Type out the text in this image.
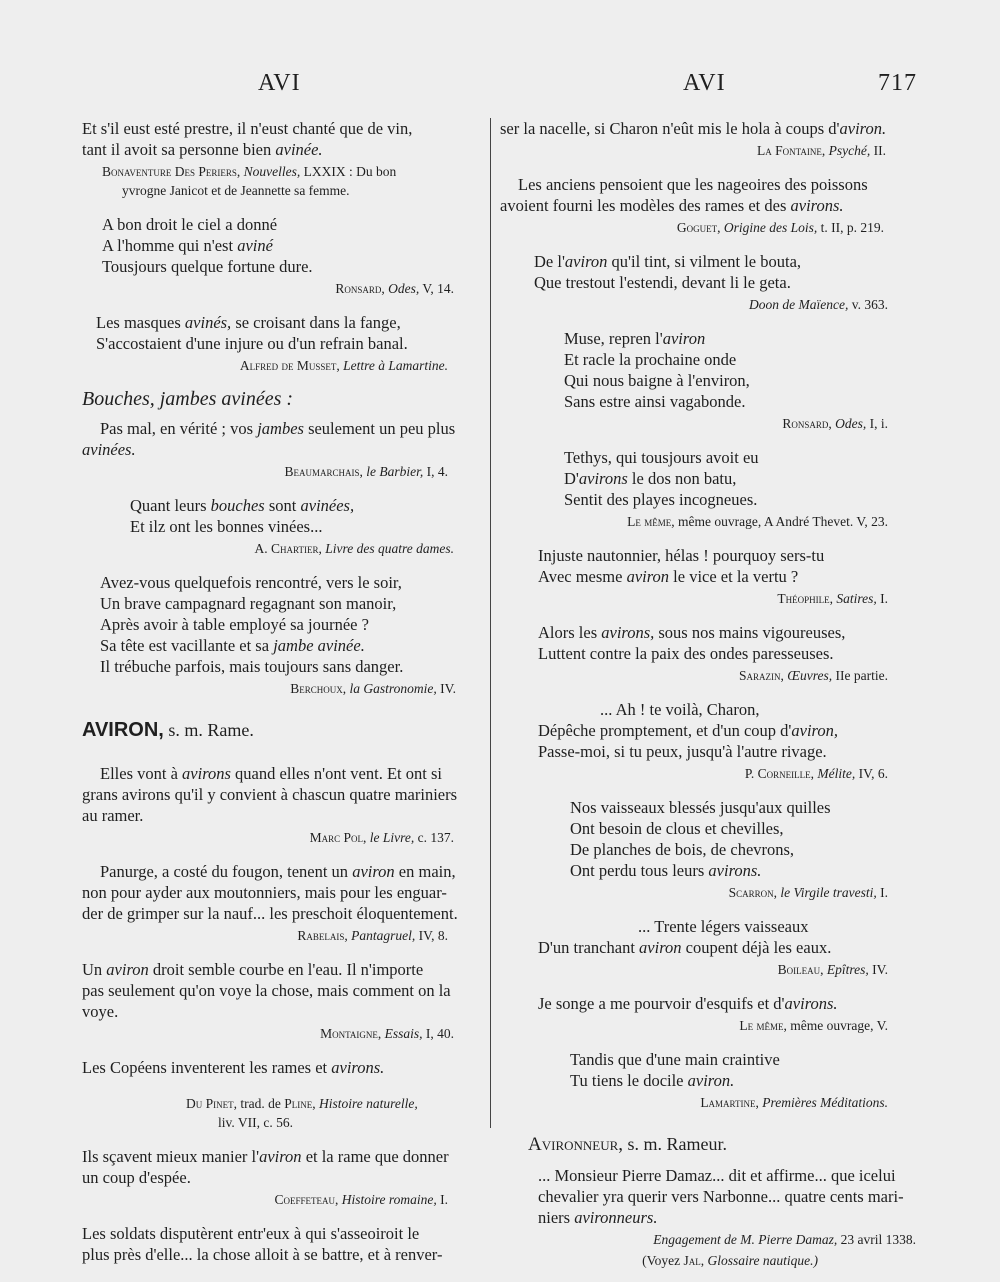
AVI	AVI	717
Et s'il eust esté prestre, il n'eust chanté que de vin,
tant il avoit sa personne bien avinée.
Bonaventure Des Periers, Nouvelles, LXXIX : Du bon
yvrogne Janicot et de Jeannette sa femme.
A bon droit le ciel a donné
A l'homme qui n'est aviné
Tousjours quelque fortune dure.
Ronsard, Odes, V, 14.
Les masques avinés, se croisant dans la fange,
S'accostaient d'une injure ou d'un refrain banal.
Alfred de Musset, Lettre à Lamartine.
Bouches, jambes avinées :
Pas mal, en vérité ; vos jambes seulement un peu plus
avinées.
Beaumarchais, le Barbier, I, 4.
Quant leurs bouches sont avinées,
Et ilz ont les bonnes vinées...
A. Chartier, Livre des quatre dames.
Avez-vous quelquefois rencontré, vers le soir,
Un brave campagnard regagnant son manoir,
Après avoir à table employé sa journée ?
Sa tête est vacillante et sa jambe avinée.
Il trébuche parfois, mais toujours sans danger.
Berchoux, la Gastronomie, IV.
AVIRON, s. m. Rame.
Elles vont à avirons quand elles n'ont vent. Et ont si
grans avirons qu'il y convient à chascun quatre mariniers
au ramer.
Marc Pol, le Livre, c. 137.
Panurge, a costé du fougon, tenent un aviron en main,
non pour ayder aux moutonniers, mais pour les enguar-
der de grimper sur la nauf... les preschoit éloquentement.
Rabelais, Pantagruel, IV, 8.
Un aviron droit semble courbe en l'eau. Il n'importe
pas seulement qu'on voye la chose, mais comment on la
voye.
Montaigne, Essais, I, 40.
Les Copéens inventerent les rames et avirons.
Du Pinet, trad. de Pline, Histoire naturelle,
liv. VII, c. 56.
Ils sçavent mieux manier l'aviron et la rame que donner
un coup d'espée.
Coeffeteau, Histoire romaine, I.
Les soldats disputèrent entr'eux à qui s'asseoiroit le
plus près d'elle... la chose alloit à se battre, et à renver-
ser la nacelle, si Charon n'eût mis le hola à coups d'aviron.
La Fontaine, Psyché, II.
Les anciens pensoient que les nageoires des poissons
avoient fourni les modèles des rames et des avirons.
Goguet, Origine des Lois, t. II, p. 219.
De l'aviron qu'il tint, si vilment le bouta,
Que trestout l'estendi, devant li le geta.
Doon de Maïence, v. 363.
Muse, repren l'aviron
Et racle la prochaine onde
Qui nous baigne à l'environ,
Sans estre ainsi vagabonde.
Ronsard, Odes, I, i.
Tethys, qui tousjours avoit eu
D'avirons le dos non batu,
Sentit des playes incogneues.
Le même, même ouvrage, A André Thevet. V, 23.
Injuste nautonnier, hélas ! pourquoy sers-tu
Avec mesme aviron le vice et la vertu ?
Théophile, Satires, I.
Alors les avirons, sous nos mains vigoureuses,
Luttent contre la paix des ondes paresseuses.
Sarazin, Œuvres, IIe partie.
... Ah ! te voilà, Charon,
Dépêche promptement, et d'un coup d'aviron,
Passe-moi, si tu peux, jusqu'à l'autre rivage.
P. Corneille, Mélite, IV, 6.
Nos vaisseaux blessés jusqu'aux quilles
Ont besoin de clous et chevilles,
De planches de bois, de chevrons,
Ont perdu tous leurs avirons.
Scarron, le Virgile travesti, I.
... Trente légers vaisseaux
D'un tranchant aviron coupent déjà les eaux.
Boileau, Epîtres, IV.
Je songe a me pourvoir d'esquifs et d'avirons.
Le même, même ouvrage, V.
Tandis que d'une main craintive
Tu tiens le docile aviron.
Lamartine, Premières Méditations.
Avironneur, s. m. Rameur.
... Monsieur Pierre Damaz... dit et affirme... que icelui
chevalier yra querir vers Narbonne... quatre cents mari-
niers avironneurs.
Engagement de M. Pierre Damaz, 23 avril 1338.
(Voyez Jal, Glossaire nautique.)
